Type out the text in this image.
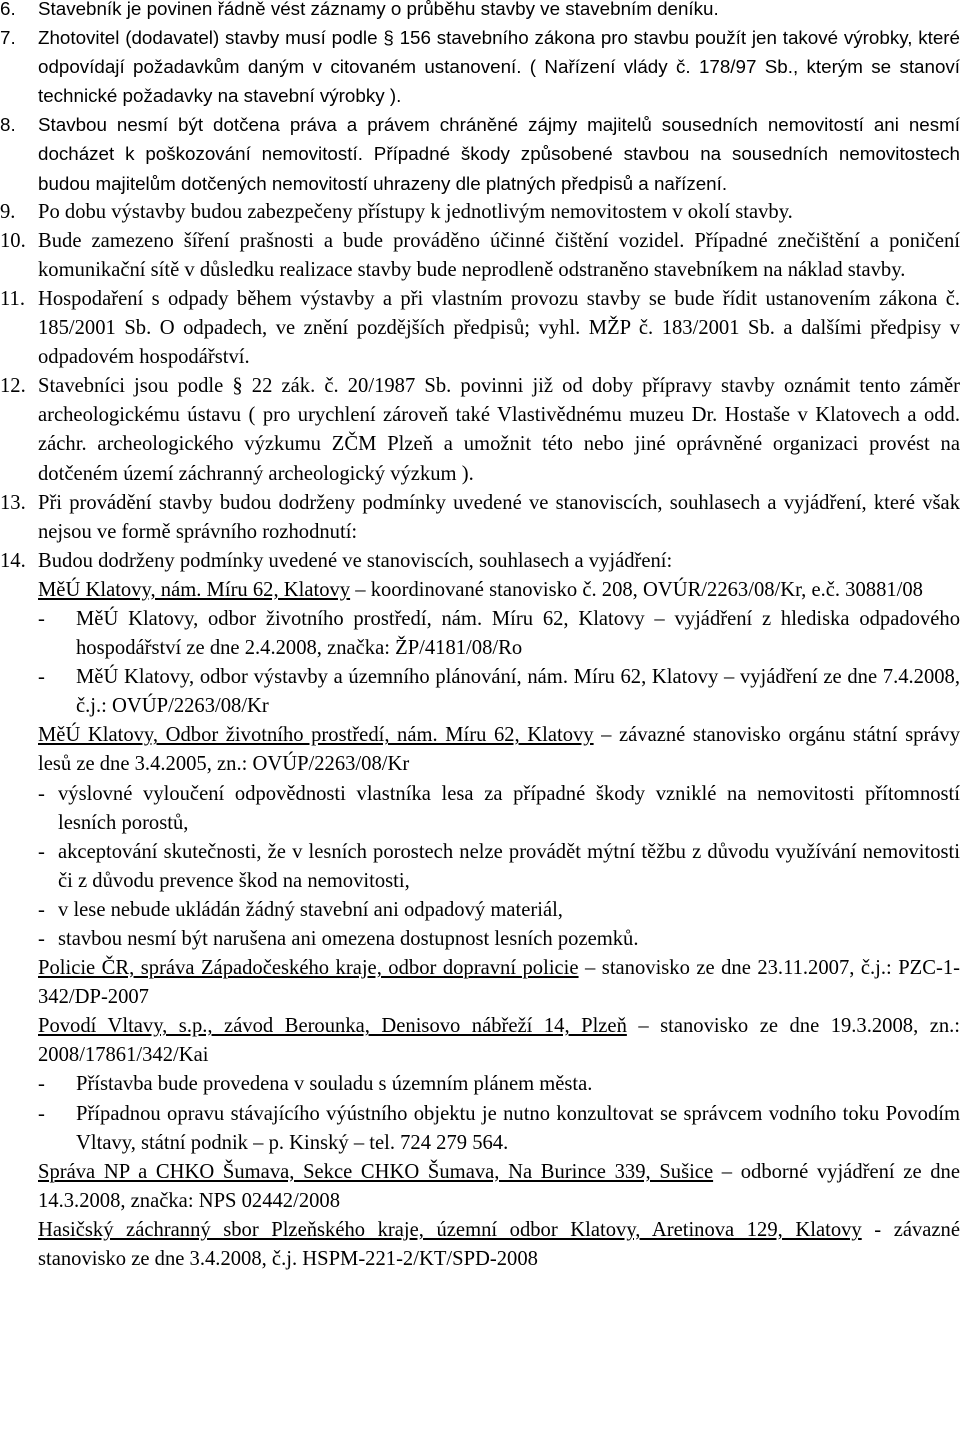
6. Stavebník je povinen řádně vést záznamy o průběhu stavby ve stavebním deníku.

7. Zhotovitel (dodavatel) stavby musí podle § 156 stavebního zákona pro stavbu použít jen takové výrobky, které odpovídají požadavkům daným v citovaném ustanovení. ( Nařízení vlády č. 178/97 Sb., kterým se stanoví technické požadavky na stavební výrobky ).

8. Stavbou nesmí být dotčena práva a právem chráněné zájmy majitelů sousedních nemovitostí ani nesmí docházet k poškozování nemovitostí. Případné škody způsobené stavbou na sousedních nemovitostech budou majitelům dotčených nemovitostí uhrazeny dle platných předpisů a nařízení.

9. Po dobu výstavby budou zabezpečeny přístupy k jednotlivým nemovitostem v okolí stavby.

10. Bude zamezeno šíření prašnosti a bude prováděno účinné čištění vozidel. Případné znečištění a poničení komunikační sítě v důsledku realizace stavby bude neprodleně odstraněno stavebníkem na náklad stavby.

11. Hospodaření s odpady během výstavby a při vlastním provozu stavby se bude řídit ustanovením zákona č. 185/2001 Sb. O odpadech, ve znění pozdějších předpisů; vyhl. MŽP č. 183/2001 Sb. a dalšími předpisy v odpadovém hospodářství.

12. Stavebníci jsou podle § 22 zák. č. 20/1987 Sb. povinni již od doby přípravy stavby oznámit tento záměr archeologickému ústavu ( pro urychlení zároveň také Vlastivědnému muzeu Dr. Hostaše v Klatovech a odd. záchr. archeologického výzkumu ZČM Plzeň a umožnit této nebo jiné oprávněné organizaci provést na dotčeném území záchranný archeologický výzkum ).

13. Při provádění stavby budou dodrženy podmínky uvedené ve stanoviscích, souhlasech a vyjádření, které však nejsou ve formě správního rozhodnutí:

14. Budou dodrženy podmínky uvedené ve stanoviscích, souhlasech a vyjádření:

MěÚ Klatovy, nám. Míru 62, Klatovy – koordinované stanovisko č. 208, OVÚR/2263/08/Kr, e.č. 30881/08

- MěÚ Klatovy, odbor životního prostředí, nám. Míru 62, Klatovy – vyjádření z hlediska odpadového hospodářství ze dne 2.4.2008, značka: ŽP/4181/08/Ro

- MěÚ Klatovy, odbor výstavby a územního plánování, nám. Míru 62, Klatovy – vyjádření ze dne 7.4.2008, č.j.: OVÚP/2263/08/Kr

MěÚ Klatovy, Odbor životního prostředí, nám. Míru 62, Klatovy – závazné stanovisko orgánu státní správy lesů ze dne 3.4.2005, zn.: OVÚP/2263/08/Kr

- výslovné vyloučení odpovědnosti vlastníka lesa za případné škody vzniklé na nemovitosti přítomností lesních porostů,

- akceptování skutečnosti, že v lesních porostech nelze provádět mýtní těžbu z důvodu využívání nemovitosti či z důvodu prevence škod na nemovitosti,

- v lese nebude ukládán žádný stavební ani odpadový materiál,

- stavbou nesmí být narušena ani omezena dostupnost lesních pozemků.

Policie ČR, správa Západočeského kraje, odbor dopravní policie – stanovisko ze dne 23.11.2007, č.j.: PZC-1-342/DP-2007

Povodí Vltavy, s.p., závod Berounka, Denisovo nábřeží 14, Plzeň – stanovisko ze dne 19.3.2008, zn.: 2008/17861/342/Kai

- Přístavba bude provedena v souladu s územním plánem města.

- Případnou opravu stávajícího výústního objektu je nutno konzultovat se správcem vodního toku Povodím Vltavy, státní podnik – p. Kinský – tel. 724 279 564.

Správa NP a CHKO Šumava, Sekce CHKO Šumava, Na Burince 339, Sušice – odborné vyjádření ze dne 14.3.2008, značka: NPS 02442/2008

Hasičský záchranný sbor Plzeňského kraje, územní odbor Klatovy, Aretinova 129, Klatovy - závazné stanovisko ze dne 3.4.2008, č.j. HSPM-221-2/KT/SPD-2008
